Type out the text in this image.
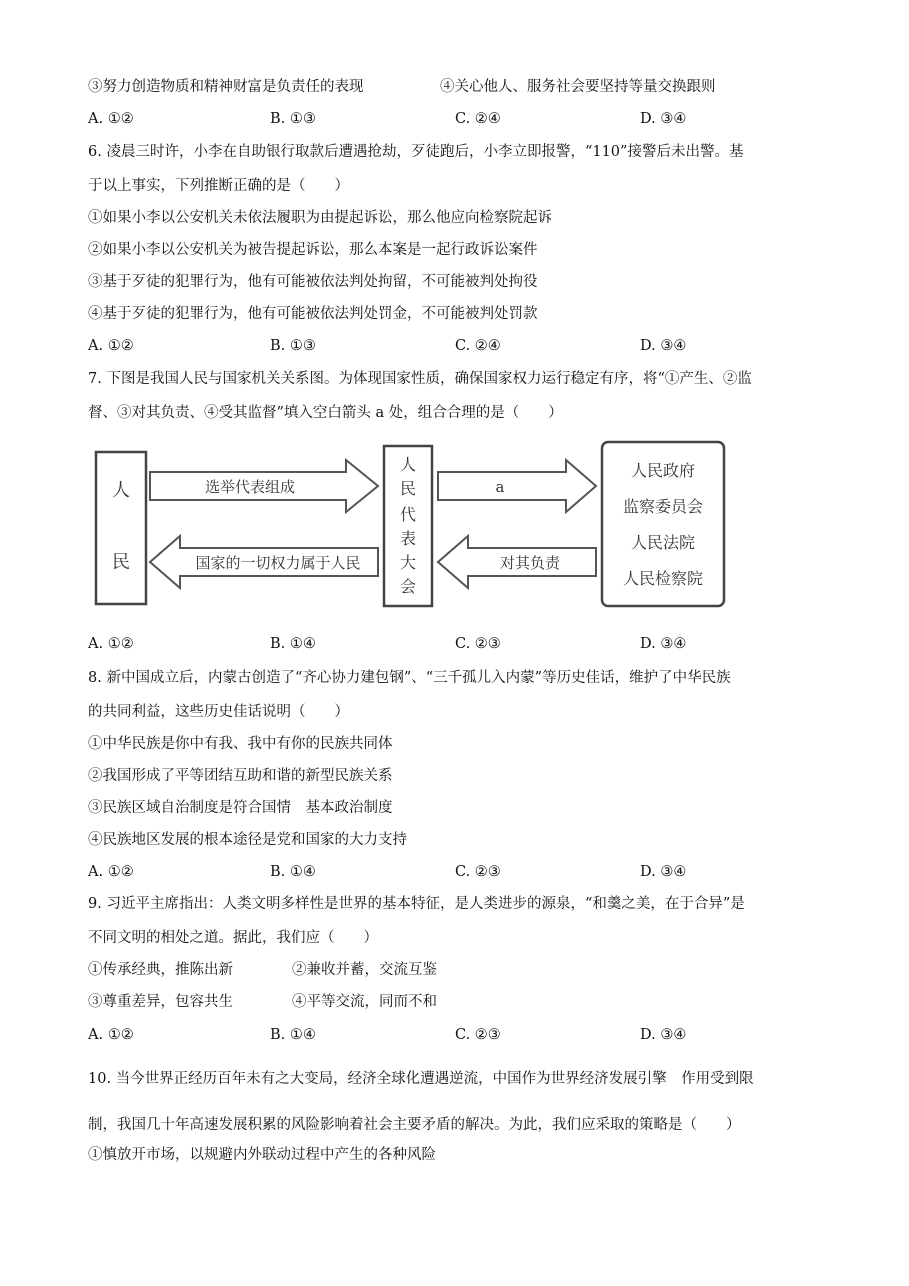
③努力创造物质和精神财富是负责任的表现	④关心他人、服务社会要坚持等量交换跟则
A. ①②	B. ①③	C. ②④	D. ③④
6. 凌晨三时许，小李在自助银行取款后遭遇抢劫，歹徒跑后，小李立即报警，“110”接警后未出警。基
于以上事实，下列推断正确的是（　　）
①如果小李以公安机关未依法履职为由提起诉讼，那么他应向检察院起诉
②如果小李以公安机关为被告提起诉讼，那么本案是一起行政诉讼案件
③基于歹徒的犯罪行为，他有可能被依法判处拘留，不可能被判处拘役
④基于歹徒的犯罪行为，他有可能被依法判处罚金，不可能被判处罚款
A. ①②	B. ①③	C. ②④	D. ③④
7. 下图是我国人民与国家机关关系图。为体现国家性质，确保国家权力运行稳定有序，将“①产生、②监
督、③对其负责、④受其监督”填入空白箭头 a 处，组合合理的是（　　）
人
民
选举代表组成
国家的一切权力属于人民
人
民
代
表
大
会
a
对其负责
人民政府
监察委员会
人民法院
人民检察院
A. ①②	B. ①④	C. ②③	D. ③④
8. 新中国成立后，内蒙古创造了“齐心协力建包钢”、“三千孤儿入内蒙”等历史佳话，维护了中华民族
的共同利益，这些历史佳话说明（　　）
①中华民族是你中有我、我中有你的民族共同体
②我国形成了平等团结互助和谐的新型民族关系
③民族区域自治制度是符合国情　基本政治制度
④民族地区发展的根本途径是党和国家的大力支持
A. ①②	B. ①④	C. ②③	D. ③④
9. 习近平主席指出：人类文明多样性是世界的基本特征，是人类进步的源泉，“和羹之美，在于合异”是
不同文明的相处之道。据此，我们应（　　）
①传承经典，推陈出新	②兼收并蓄，交流互鉴
③尊重差异，包容共生	④平等交流，同而不和
A. ①②	B. ①④	C. ②③	D. ③④
10. 当今世界正经历百年未有之大变局，经济全球化遭遇逆流，中国作为世界经济发展引擎　作用受到限
制，我国几十年高速发展积累的风险影响着社会主要矛盾的解决。为此，我们应采取的策略是（　　）
①慎放开市场，以规避内外联动过程中产生的各种风险
